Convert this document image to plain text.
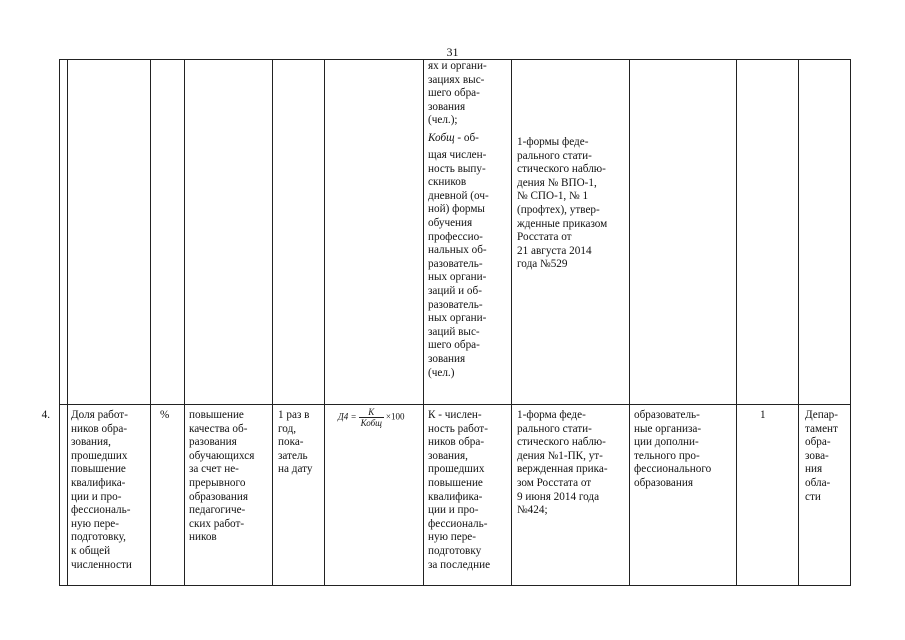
31
ях и органи-
зациях выс-
шего обра-
зования
(чел.);
Кобщ - об-
щая числен-
ность выпу-
скников
дневной (оч-
ной) формы
обучения
профессио-
нальных об-
разователь-
ных органи-
заций и об-
разователь-
ных органи-
заций выс-
шего обра-
зования
(чел.)
1-формы феде-
рального стати-
стического наблю-
дения № ВПО-1,
№ СПО-1, № 1
(профтех), утвер-
жденные приказом
Росстата от
21 августа 2014
года №529
4. Доля работ-
ников обра-
зования,
прошедших
повышение
квалифика-
ции и про-
фессиональ-
ную пере-
подготовку,
к общей
численности
% повышение
качества об-
разования
обучающихся
за счет не-
прерывного
образования
педагогиче-
ских работ-
ников
1 раз в
год,
пока-
затель
на дату
$Д4 = \frac{К}{\text{Кобщ}} \times 100$ К - числен-
ность работ-
ников обра-
зования,
прошедших
повышение
квалифика-
ции и про-
фессиональ-
ную пере-
подготовку
за последние
1-форма феде-
рального стати-
стического наблю-
дения №1-ПК, ут-
вержденная прика-
зом Росстата от
9 июня 2014 года
№424;
образователь-
ные организа-
ции дополни-
тельного про-
фессионального
образования
1	Депар-
тамент
обра-
зова-
ния
обла-
сти
